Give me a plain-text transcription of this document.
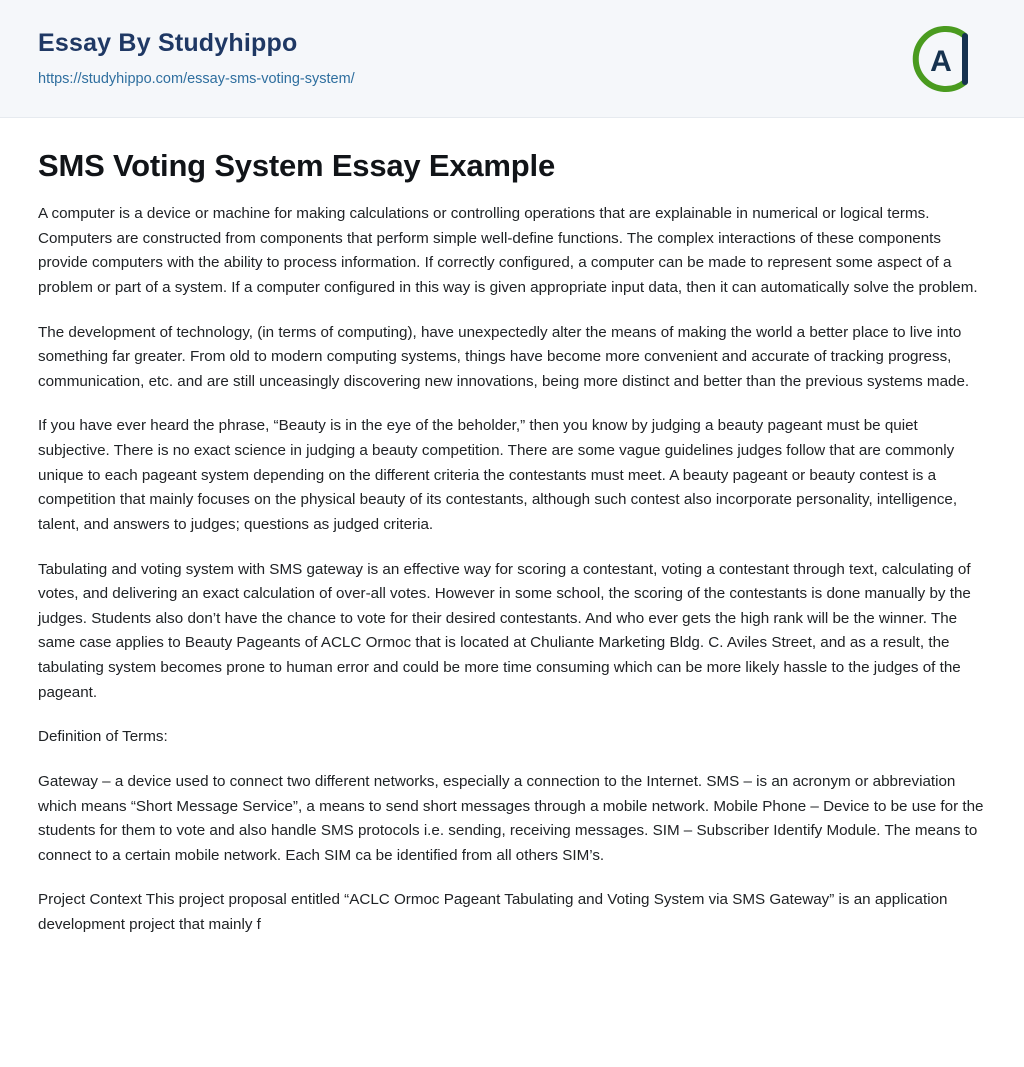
Essay By Studyhippo
https://studyhippo.com/essay-sms-voting-system/
A
SMS Voting System Essay Example

A computer is a device or machine for making calculations or controlling operations that are explainable in numerical or logical terms. Computers are constructed from components that perform simple well-define functions. The complex interactions of these components provide computers with the ability to process information. If correctly configured, a computer can be made to represent some aspect of a problem or part of a system. If a computer configured in this way is given appropriate input data, then it can automatically solve the problem.

The development of technology, (in terms of computing), have unexpectedly alter the means of making the world a better place to live into something far greater. From old to modern computing systems, things have become more convenient and accurate of tracking progress, communication, etc. and are still unceasingly discovering new innovations, being more distinct and better than the previous systems made.

If you have ever heard the phrase, “Beauty is in the eye of the beholder,” then you know by judging a beauty pageant must be quiet subjective. There is no exact science in judging a beauty competition. There are some vague guidelines judges follow that are commonly unique to each pageant system depending on the different criteria the contestants must meet. A beauty pageant or beauty contest is a competition that mainly focuses on the physical beauty of its contestants, although such contest also incorporate personality, intelligence, talent, and answers to judges; questions as judged criteria.

Tabulating and voting system with SMS gateway is an effective way for scoring a contestant, voting a contestant through text, calculating of votes, and delivering an exact calculation of over-all votes. However in some school, the scoring of the contestants is done manually by the judges. Students also don’t have the chance to vote for their desired contestants. And who ever gets the high rank will be the winner. The same case applies to Beauty Pageants of ACLC Ormoc that is located at Chuliante Marketing Bldg. C. Aviles Street, and as a result, the tabulating system becomes prone to human error and could be more time consuming which can be more likely hassle to the judges of the pageant.

Definition of Terms:

Gateway – a device used to connect two different networks, especially a connection to the Internet. SMS – is an acronym or abbreviation which means “Short Message Service”, a means to send short messages through a mobile network. Mobile Phone – Device to be use for the students for them to vote and also handle SMS protocols i.e. sending, receiving messages. SIM – Subscriber Identify Module. The means to connect to a certain mobile network. Each SIM ca be identified from all others SIM’s.

Project Context This project proposal entitled “ACLC Ormoc Pageant Tabulating and Voting System via SMS Gateway” is an application development project that mainly f
